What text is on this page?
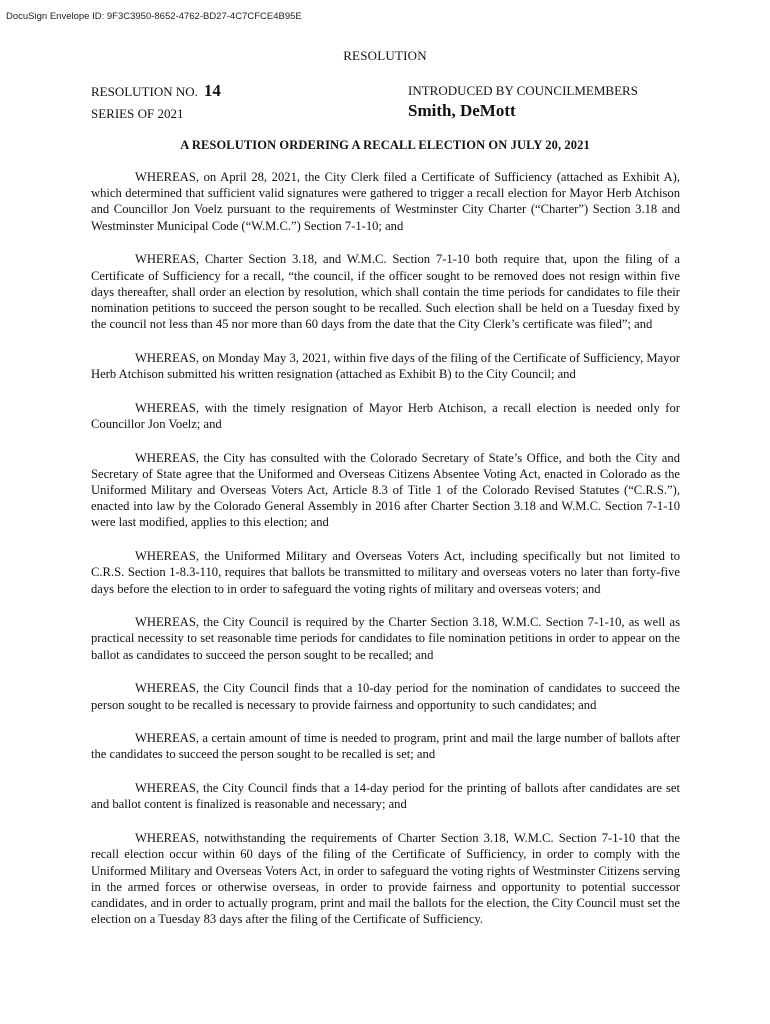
DocuSign Envelope ID: 9F3C3950-8652-4762-BD27-4C7CFCE4B95E
RESOLUTION
RESOLUTION NO. 14
SERIES OF 2021
INTRODUCED BY COUNCILMEMBERS
Smith, DeMott
A RESOLUTION ORDERING A RECALL ELECTION ON JULY 20, 2021

WHEREAS, on April 28, 2021, the City Clerk filed a Certificate of Sufficiency (attached as Exhibit A), which determined that sufficient valid signatures were gathered to trigger a recall election for Mayor Herb Atchison and Councillor Jon Voelz pursuant to the requirements of Westminster City Charter (“Charter”) Section 3.18 and Westminster Municipal Code (“W.M.C.”) Section 7-1-10; and

WHEREAS, Charter Section 3.18, and W.M.C. Section 7-1-10 both require that, upon the filing of a Certificate of Sufficiency for a recall, “the council, if the officer sought to be removed does not resign within five days thereafter, shall order an election by resolution, which shall contain the time periods for candidates to file their nomination petitions to succeed the person sought to be recalled. Such election shall be held on a Tuesday fixed by the council not less than 45 nor more than 60 days from the date that the City Clerk’s certificate was filed”; and

WHEREAS, on Monday May 3, 2021, within five days of the filing of the Certificate of Sufficiency, Mayor Herb Atchison submitted his written resignation (attached as Exhibit B) to the City Council; and

WHEREAS, with the timely resignation of Mayor Herb Atchison, a recall election is needed only for Councillor Jon Voelz; and

WHEREAS, the City has consulted with the Colorado Secretary of State’s Office, and both the City and Secretary of State agree that the Uniformed and Overseas Citizens Absentee Voting Act, enacted in Colorado as the Uniformed Military and Overseas Voters Act, Article 8.3 of Title 1 of the Colorado Revised Statutes (“C.R.S.”), enacted into law by the Colorado General Assembly in 2016 after Charter Section 3.18 and W.M.C. Section 7-1-10 were last modified, applies to this election; and

WHEREAS, the Uniformed Military and Overseas Voters Act, including specifically but not limited to C.R.S. Section 1-8.3-110, requires that ballots be transmitted to military and overseas voters no later than forty-five days before the election to in order to safeguard the voting rights of military and overseas voters; and

WHEREAS, the City Council is required by the Charter Section 3.18, W.M.C. Section 7-1-10, as well as practical necessity to set reasonable time periods for candidates to file nomination petitions in order to appear on the ballot as candidates to succeed the person sought to be recalled; and

WHEREAS, the City Council finds that a 10-day period for the nomination of candidates to succeed the person sought to be recalled is necessary to provide fairness and opportunity to such candidates; and

WHEREAS, a certain amount of time is needed to program, print and mail the large number of ballots after the candidates to succeed the person sought to be recalled is set; and

WHEREAS, the City Council finds that a 14-day period for the printing of ballots after candidates are set and ballot content is finalized is reasonable and necessary; and

WHEREAS, notwithstanding the requirements of Charter Section 3.18, W.M.C. Section 7-1-10 that the recall election occur within 60 days of the filing of the Certificate of Sufficiency, in order to comply with the Uniformed Military and Overseas Voters Act, in order to safeguard the voting rights of Westminster Citizens serving in the armed forces or otherwise overseas, in order to provide fairness and opportunity to potential successor candidates, and in order to actually program, print and mail the ballots for the election, the City Council must set the election on a Tuesday 83 days after the filing of the Certificate of Sufficiency.
